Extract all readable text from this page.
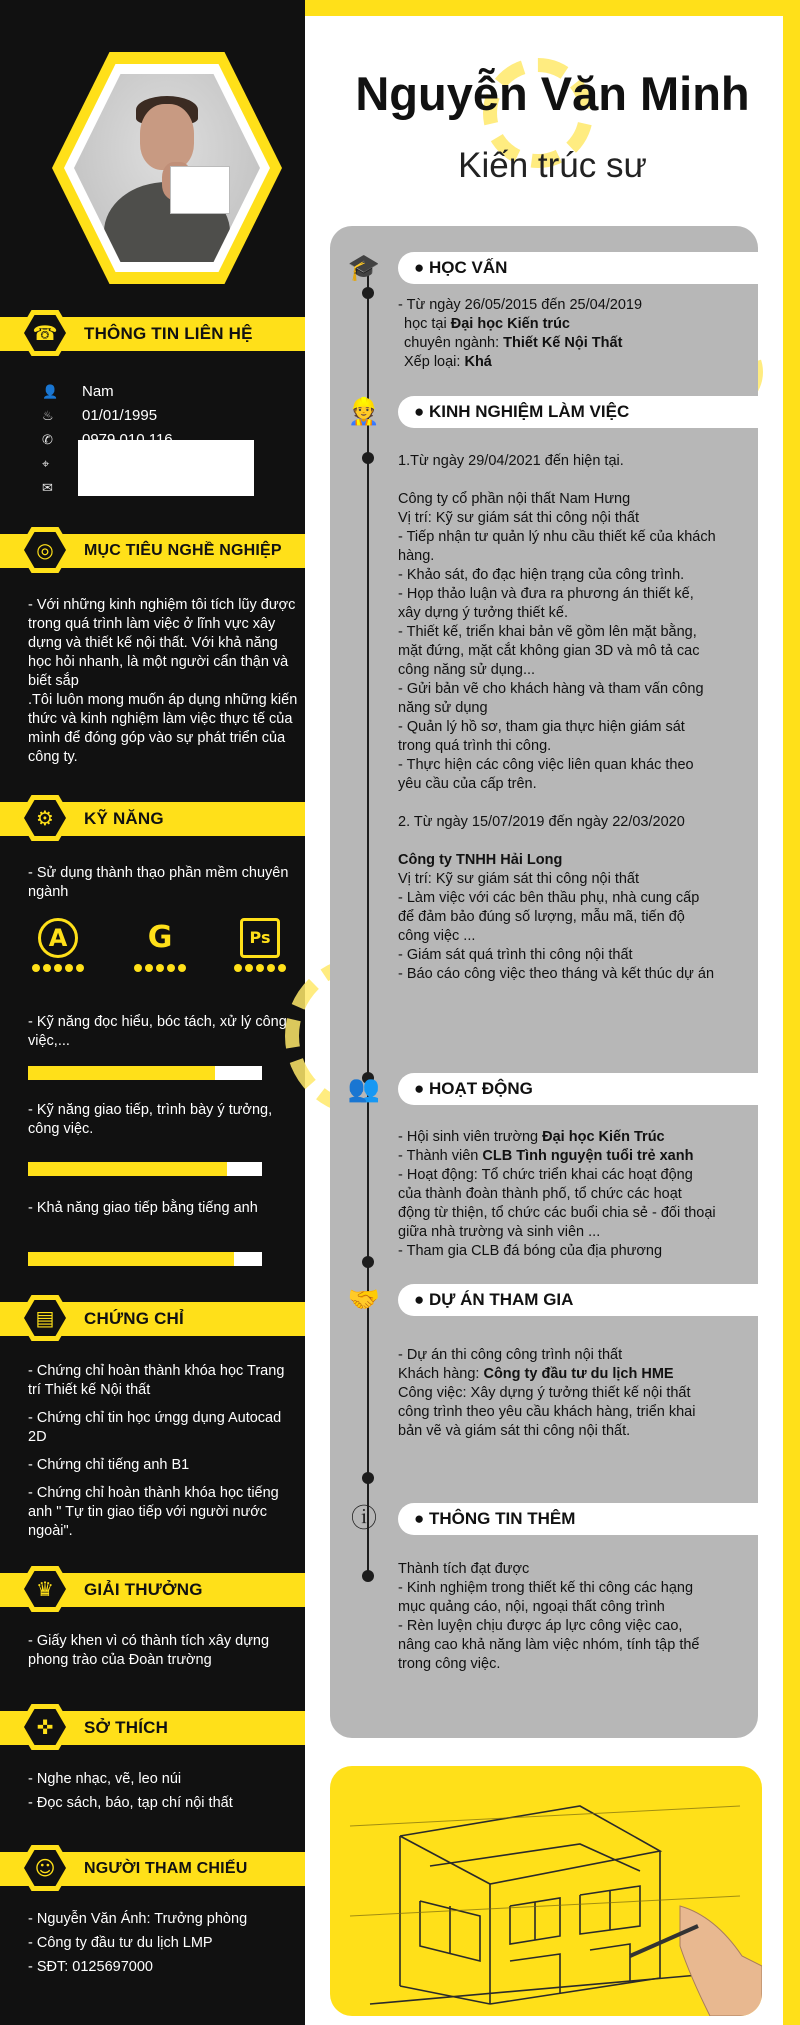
☎	THÔNG TIN LIÊN HỆ
👤 Nam
♨ 01/01/1995
✆
⌖
✉
◎	MỤC TIÊU NGHỀ NGHIỆP
- Với những kinh nghiệm tôi tích lũy được trong quá trình làm việc ở lĩnh vực xây dựng và thiết kế nội thất. Với khả năng học hỏi nhanh, là một người cẩn thận và biết sắp
.Tôi luôn mong muốn áp dụng những kiến thức và kinh nghiệm làm việc thực tế của mình để đóng góp vào sự phát triển của công ty.
⚙	KỸ NĂNG
- Sử dụng thành thạo phần mềm chuyên ngành
A	G	Ps
- Kỹ năng đọc hiểu, bóc tách, xử lý công việc,...
- Kỹ năng giao tiếp, trình bày ý tưởng, công việc.
- Khả năng giao tiếp bằng tiếng anh
▤	CHỨNG CHỈ
- Chứng chỉ hoàn thành khóa học Trang trí Thiết kế Nội thất
- Chứng chỉ tin học ứngg dụng Autocad 2D
- Chứng chỉ tiếng anh B1
- Chứng chỉ hoàn thành khóa học tiếng anh " Tự tin giao tiếp với người nước ngoài".
♛	GIẢI THƯỞNG
- Giấy khen vì có thành tích xây dựng phong trào của Đoàn trường
✜	SỞ THÍCH
- Nghe nhạc, vẽ, leo núi
- Đọc sách, báo, tạp chí nội thất
☺	NGƯỜI THAM CHIẾU
- Nguyễn Văn Ánh: Trưởng phòng
- Công ty đầu tư du lịch LMP
- SĐT: 0125697000
Nguyễn Văn Minh
Kiến trúc sư
🎓	● HỌC VẤN
- Từ ngày 26/05/2015 đến 25/04/2019
học tại Đại học Kiến trúc
chuyên ngành: Thiết Kế Nội Thất
Xếp loại: Khá
👷	● KINH NGHIỆM LÀM VIỆC
1.Từ ngày 29/04/2021 đến hiện tại.
Công ty cổ phần nội thất Nam Hưng
Vị trí: Kỹ sư giám sát thi công nội thất
- Tiếp nhận tư quản lý nhu cầu thiết kế của khách hàng.
- Khảo sát, đo đạc hiện trạng của công trình.
- Họp thảo luận và đưa ra phương án thiết kế, xây dựng ý tưởng thiết kế.
- Thiết kế, triển khai bản vẽ gồm lên mặt bằng, mặt đứng, mặt cắt không gian 3D và mô tả cac công năng sử dụng...
- Gửi bản vẽ cho khách hàng và tham vấn công năng sử dụng
- Quản lý hồ sơ, tham gia thực hiện giám sát trong quá trình thi công.
- Thực hiện các công việc liên quan khác theo yêu cầu của cấp trên.
2. Từ ngày 15/07/2019 đến ngày 22/03/2020
Công ty TNHH Hải Long
Vị trí: Kỹ sư giám sát thi công nội thất
- Làm việc với các bên thầu phụ, nhà cung cấp để đảm bảo đúng số lượng, mẫu mã, tiến độ công việc ...
- Giám sát quá trình thi công nội thất
- Báo cáo công việc theo tháng và kết thúc dự án
👥	● HOẠT ĐỘNG
- Hội sinh viên trường Đại học Kiến Trúc
- Thành viên CLB Tình nguyện tuổi trẻ xanh
- Hoạt động: Tổ chức triển khai các hoạt động của thành đoàn thành phố, tổ chức các hoạt động từ thiện, tổ chức các buổi chia sẻ - đối thoại giữa nhà trường và sinh viên ...
- Tham gia CLB đá bóng của địa phương
🤝	● DỰ ÁN THAM GIA
- Dự án thi công công trình nội thất
Khách hàng: Công ty đầu tư du lịch HME
Công việc: Xây dựng ý tưởng thiết kế nội thất công trình theo yêu cầu khách hàng, triển khai bản vẽ và giám sát thi công nội thất.
ⓘ	● THÔNG TIN THÊM
Thành tích đạt được
- Kinh nghiệm trong thiết kế thi công các hạng mục quảng cáo, nội, ngoại thất công trình
- Rèn luyện chịu được áp lực công việc cao, nâng cao khả năng làm việc nhóm, tính tập thể trong công việc.
